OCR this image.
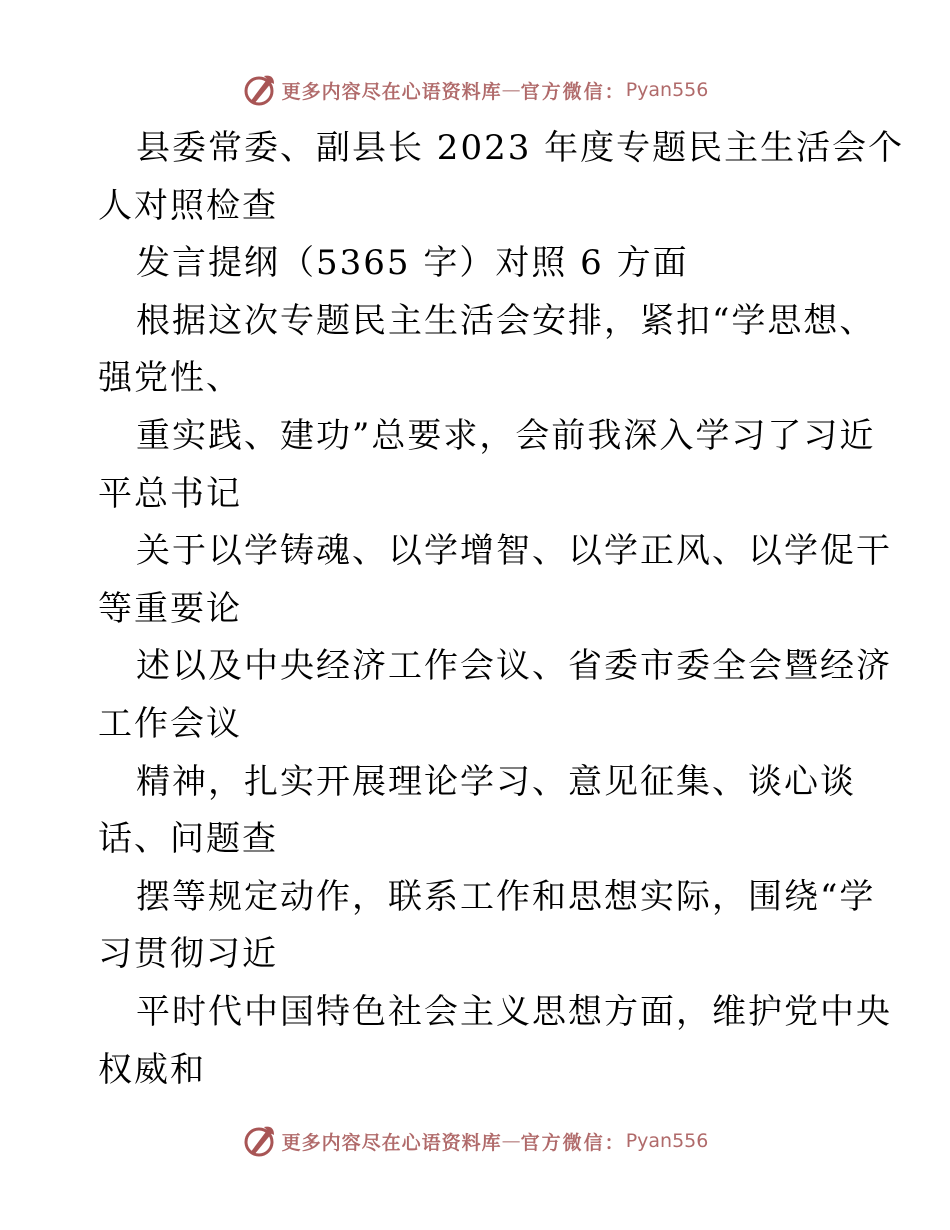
更多内容尽在心语资料库 — 官方微信： Pyan556
县委常委、副县长 2023 年度专题民主生活会个
人对照检查
发言提纲（5365 字）对照 6 方面
根据这次专题民主生活会安排，紧扣“学思想、
强党性、
重实践、建功”总要求，会前我深入学习了习近
平总书记
关于以学铸魂、以学增智、以学正风、以学促干
等重要论
述以及中央经济工作会议、省委市委全会暨经济
工作会议
精神，扎实开展理论学习、意见征集、谈心谈
话、问题查
摆等规定动作，联系工作和思想实际，围绕“学
习贯彻习近
平时代中国特色社会主义思想方面，维护党中央
权威和
更多内容尽在心语资料库 — 官方微信： Pyan556
